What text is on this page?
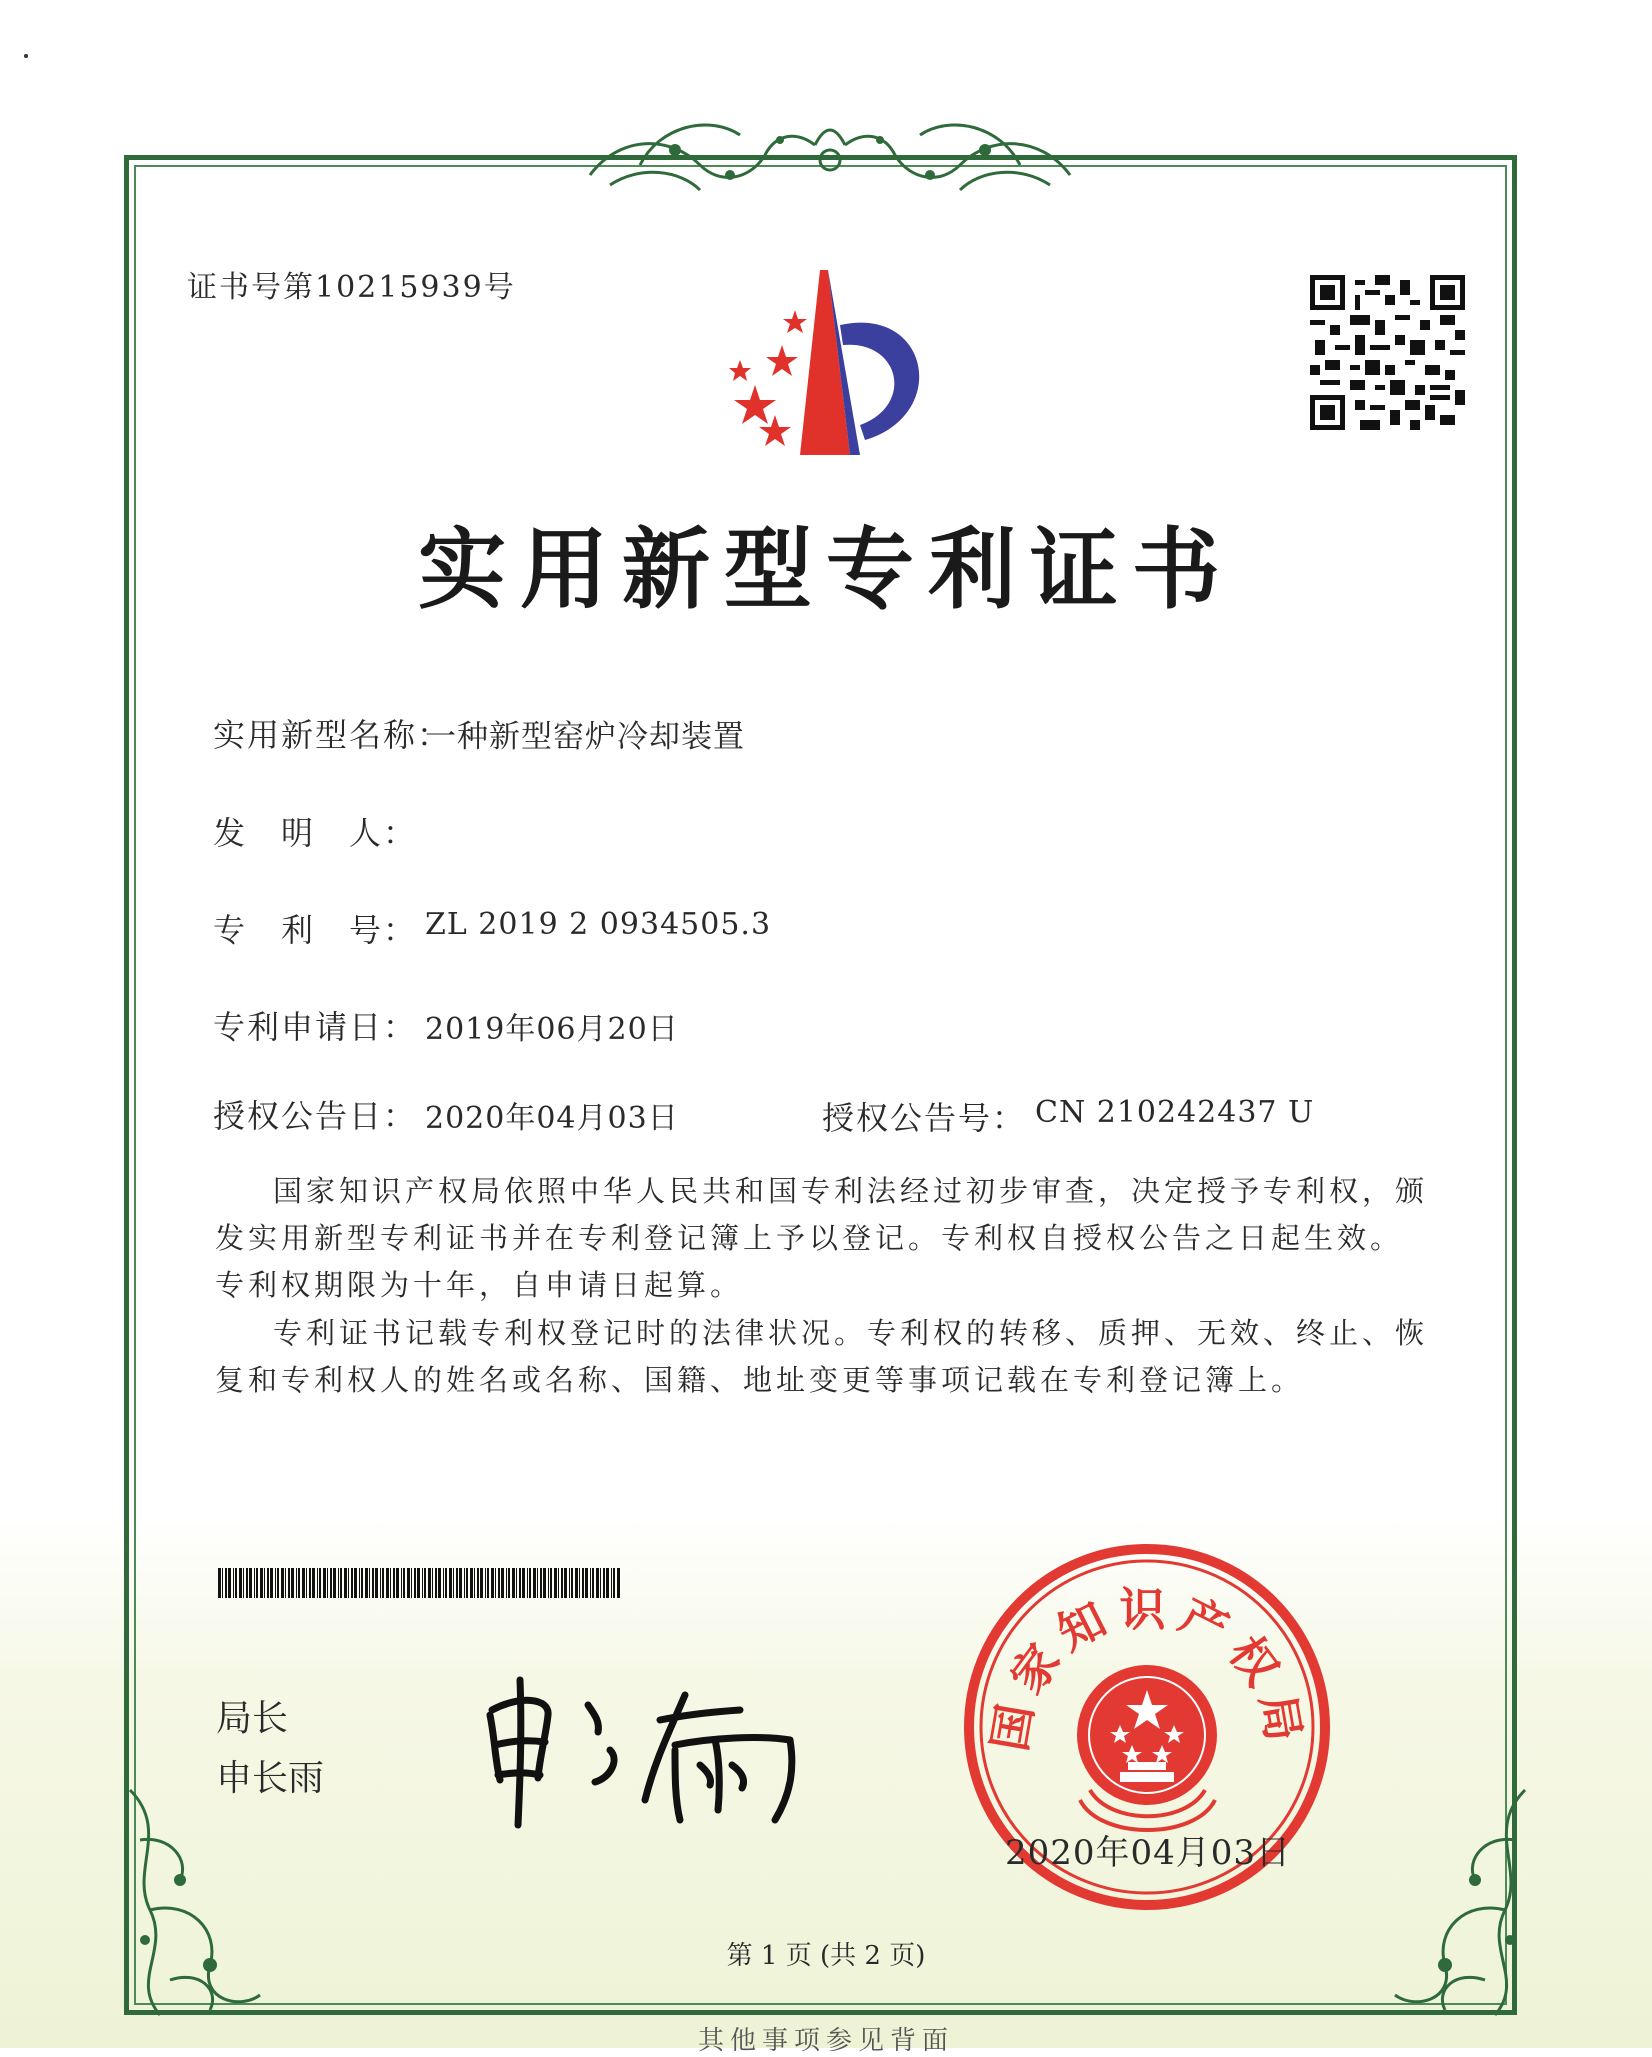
证书号第10215939号
实用新型专利证书
实用新型名称：
一种新型窑炉冷却装置
发　明　人：
专　利　号： ZL 2019 2 0934505.3
专利申请日： 2019年06月20日
授权公告日： 2020年04月03日	授权公告号： CN 210242437 U

国家知识产权局依照中华人民共和国专利法经过初步审查，决定授予专利权，颁发实用新型专利证书并在专利登记簿上予以登记。专利权自授权公告之日起生效。专利权期限为十年，自申请日起算。

专利证书记载专利权登记时的法律状况。专利权的转移、质押、无效、终止、恢复和专利权人的姓名或名称、国籍、地址变更等事项记载在专利登记簿上。

局长
申长雨
国家知识产权局
2020年04月03日
第 1 页 (共 2 页)
其他事项参见背面
